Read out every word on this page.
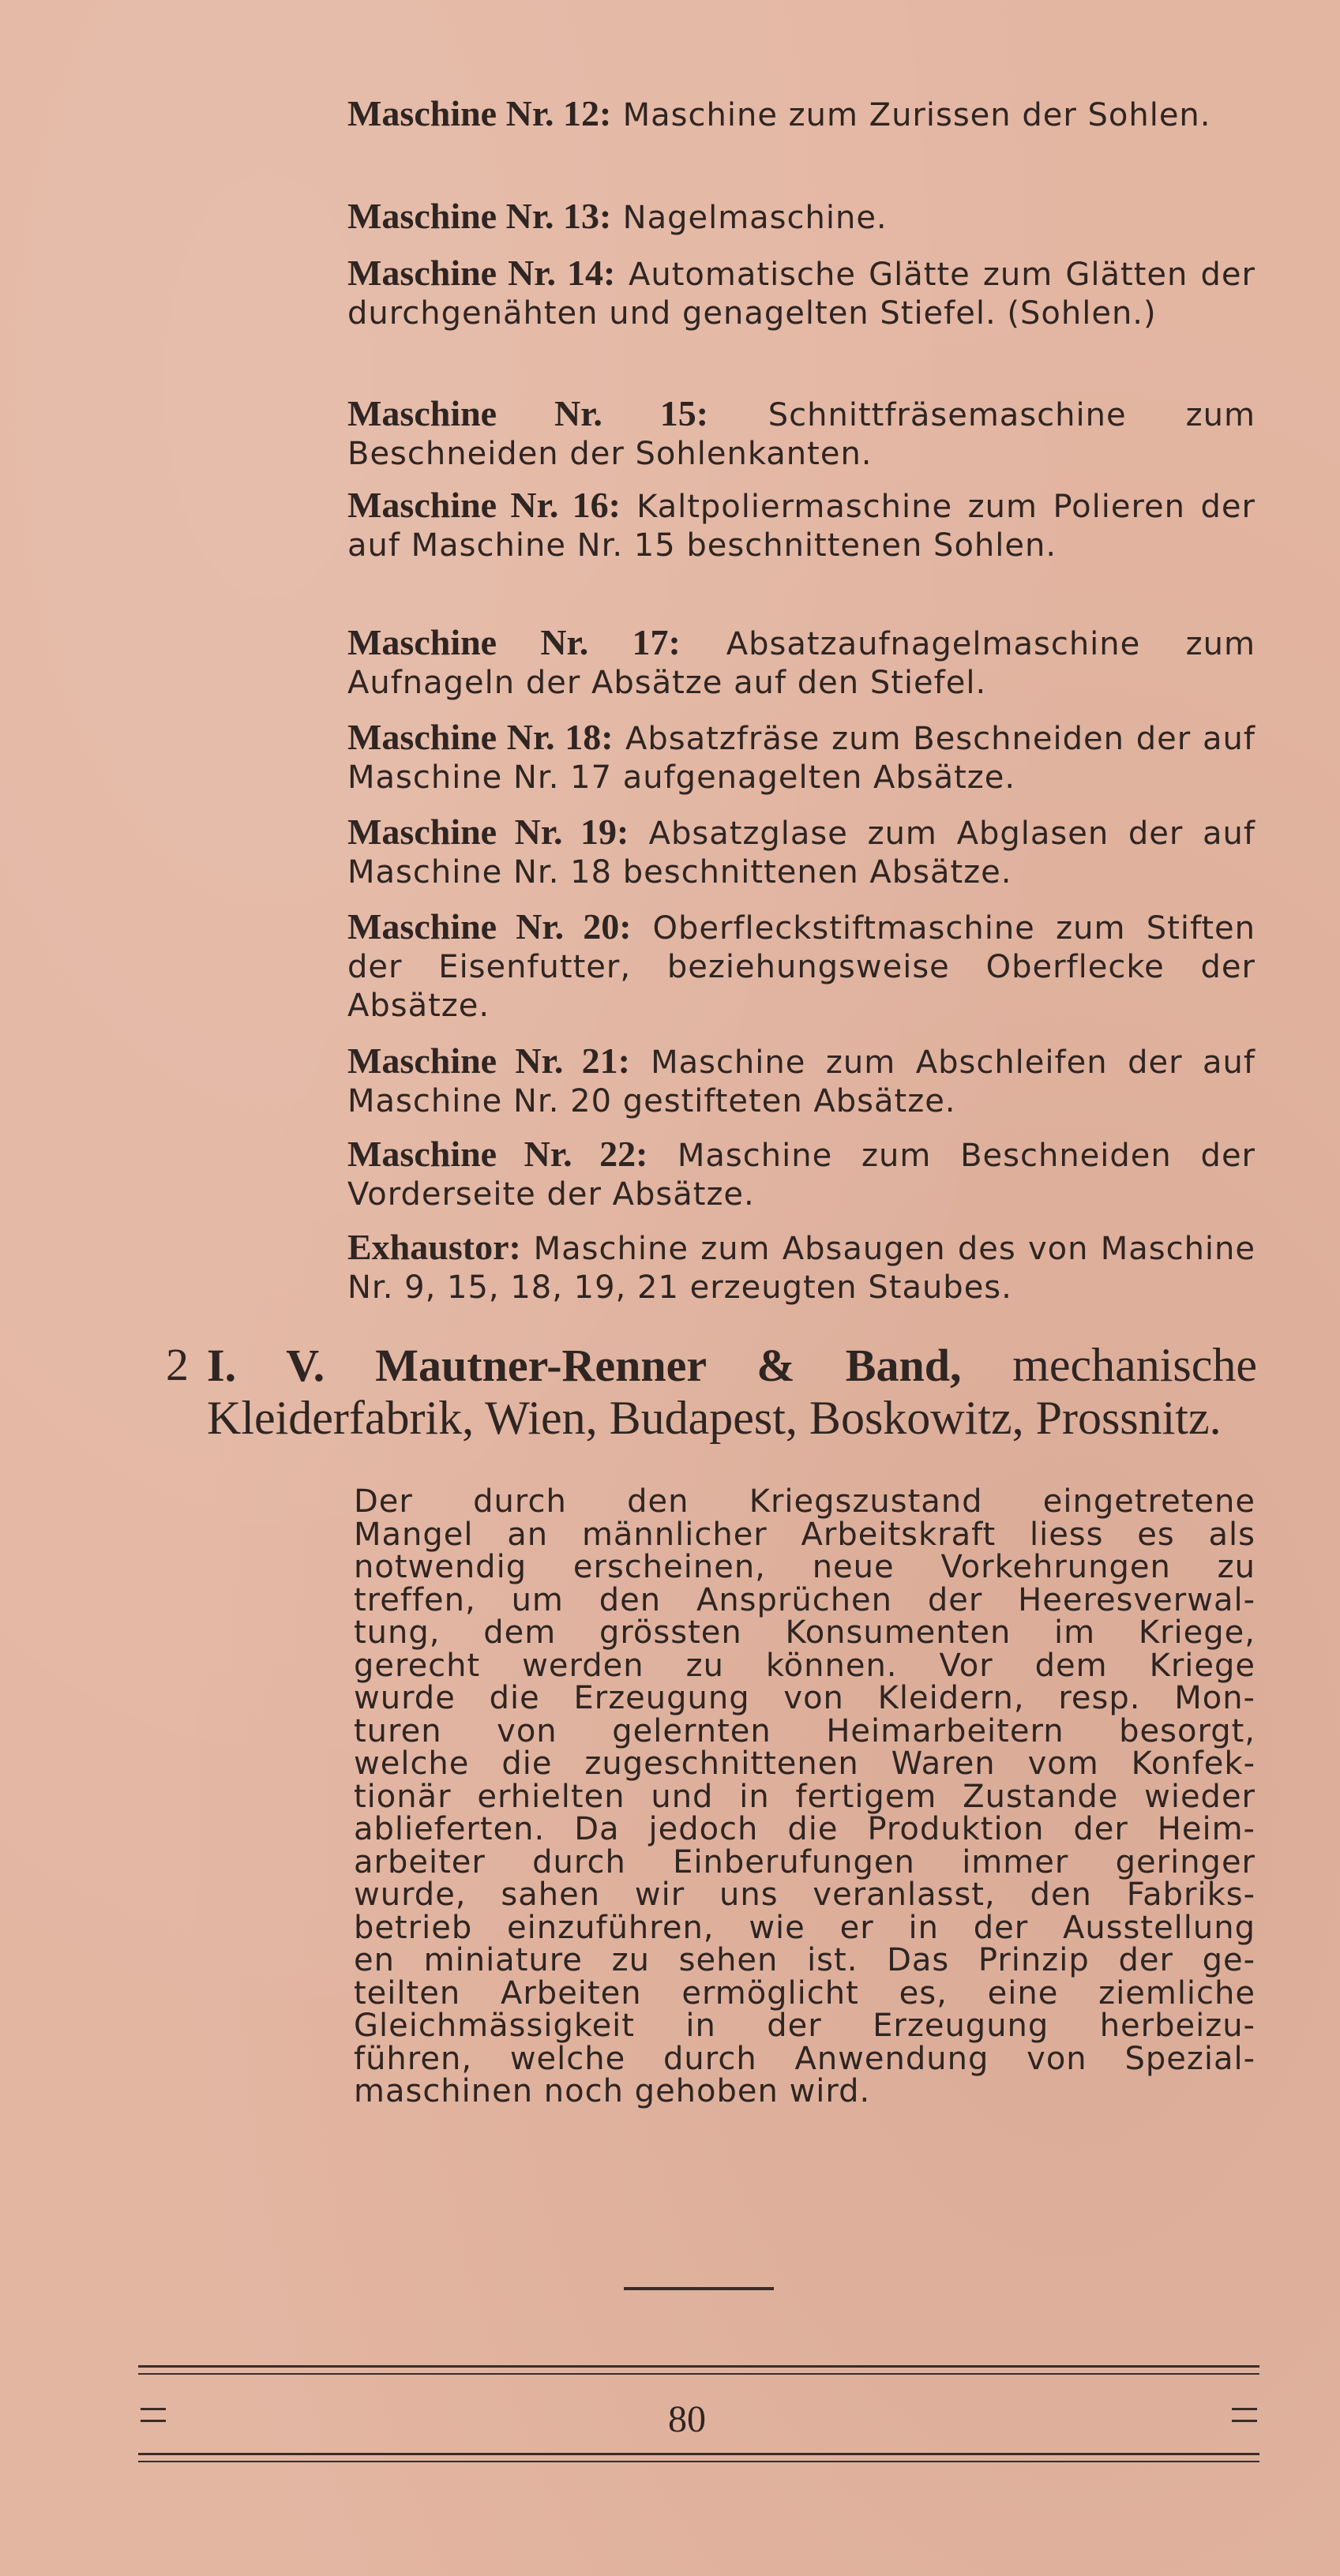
Maschine Nr. 12: Maschine zum Zurissen der Sohlen.
Maschine Nr. 13: Nagelmaschine.
Maschine Nr. 14: Automatische Glätte zum Glätten der durchgenähten und genagelten Stiefel. (Sohlen.)
Maschine Nr. 15: Schnittfräsemaschine zum Beschneiden der Sohlenkanten.
Maschine Nr. 16: Kaltpoliermaschine zum Polieren der auf Maschine Nr. 15 beschnittenen Sohlen.
Maschine Nr. 17: Absatzaufnagelmaschine zum Aufnageln der Absätze auf den Stiefel.
Maschine Nr. 18: Absatzfräse zum Beschneiden der auf Maschine Nr. 17 aufgenagelten Absätze.
Maschine Nr. 19: Absatzglase zum Abglasen der auf Maschine Nr. 18 beschnittenen Absätze.
Maschine Nr. 20: Oberfleckstiftmaschine zum Stiften der Eisenfutter, beziehungsweise Oberflecke der Absätze.
Maschine Nr. 21: Maschine zum Abschleifen der auf Maschine Nr. 20 gestifteten Absätze.
Maschine Nr. 22: Maschine zum Beschneiden der Vorderseite der Absätze.
Exhaustor: Maschine zum Absaugen des von Maschine Nr. 9, 15, 18, 19, 21 erzeugten Staubes.
2 I. V. Mautner-Renner & Band, mechanische Kleiderfabrik, Wien, Budapest, Boskowitz, Prossnitz.
Der durch den Kriegszustand eingetretene
Mangel an männlicher Arbeitskraft liess es als
notwendig erscheinen, neue Vorkehrungen zu
treffen, um den Ansprüchen der Heeresverwal-
tung, dem grössten Konsumenten im Kriege,
gerecht werden zu können. Vor dem Kriege
wurde die Erzeugung von Kleidern, resp. Mon-
turen von gelernten Heimarbeitern besorgt,
welche die zugeschnittenen Waren vom Konfek-
tionär erhielten und in fertigem Zustande wieder
ablieferten. Da jedoch die Produktion der Heim-
arbeiter durch Einberufungen immer geringer
wurde, sahen wir uns veranlasst, den Fabriks-
betrieb einzuführen, wie er in der Ausstellung
en miniature zu sehen ist. Das Prinzip der ge-
teilten Arbeiten ermöglicht es, eine ziemliche
Gleichmässigkeit in der Erzeugung herbeizu-
führen, welche durch Anwendung von Spezial-
maschinen noch gehoben wird.
80
